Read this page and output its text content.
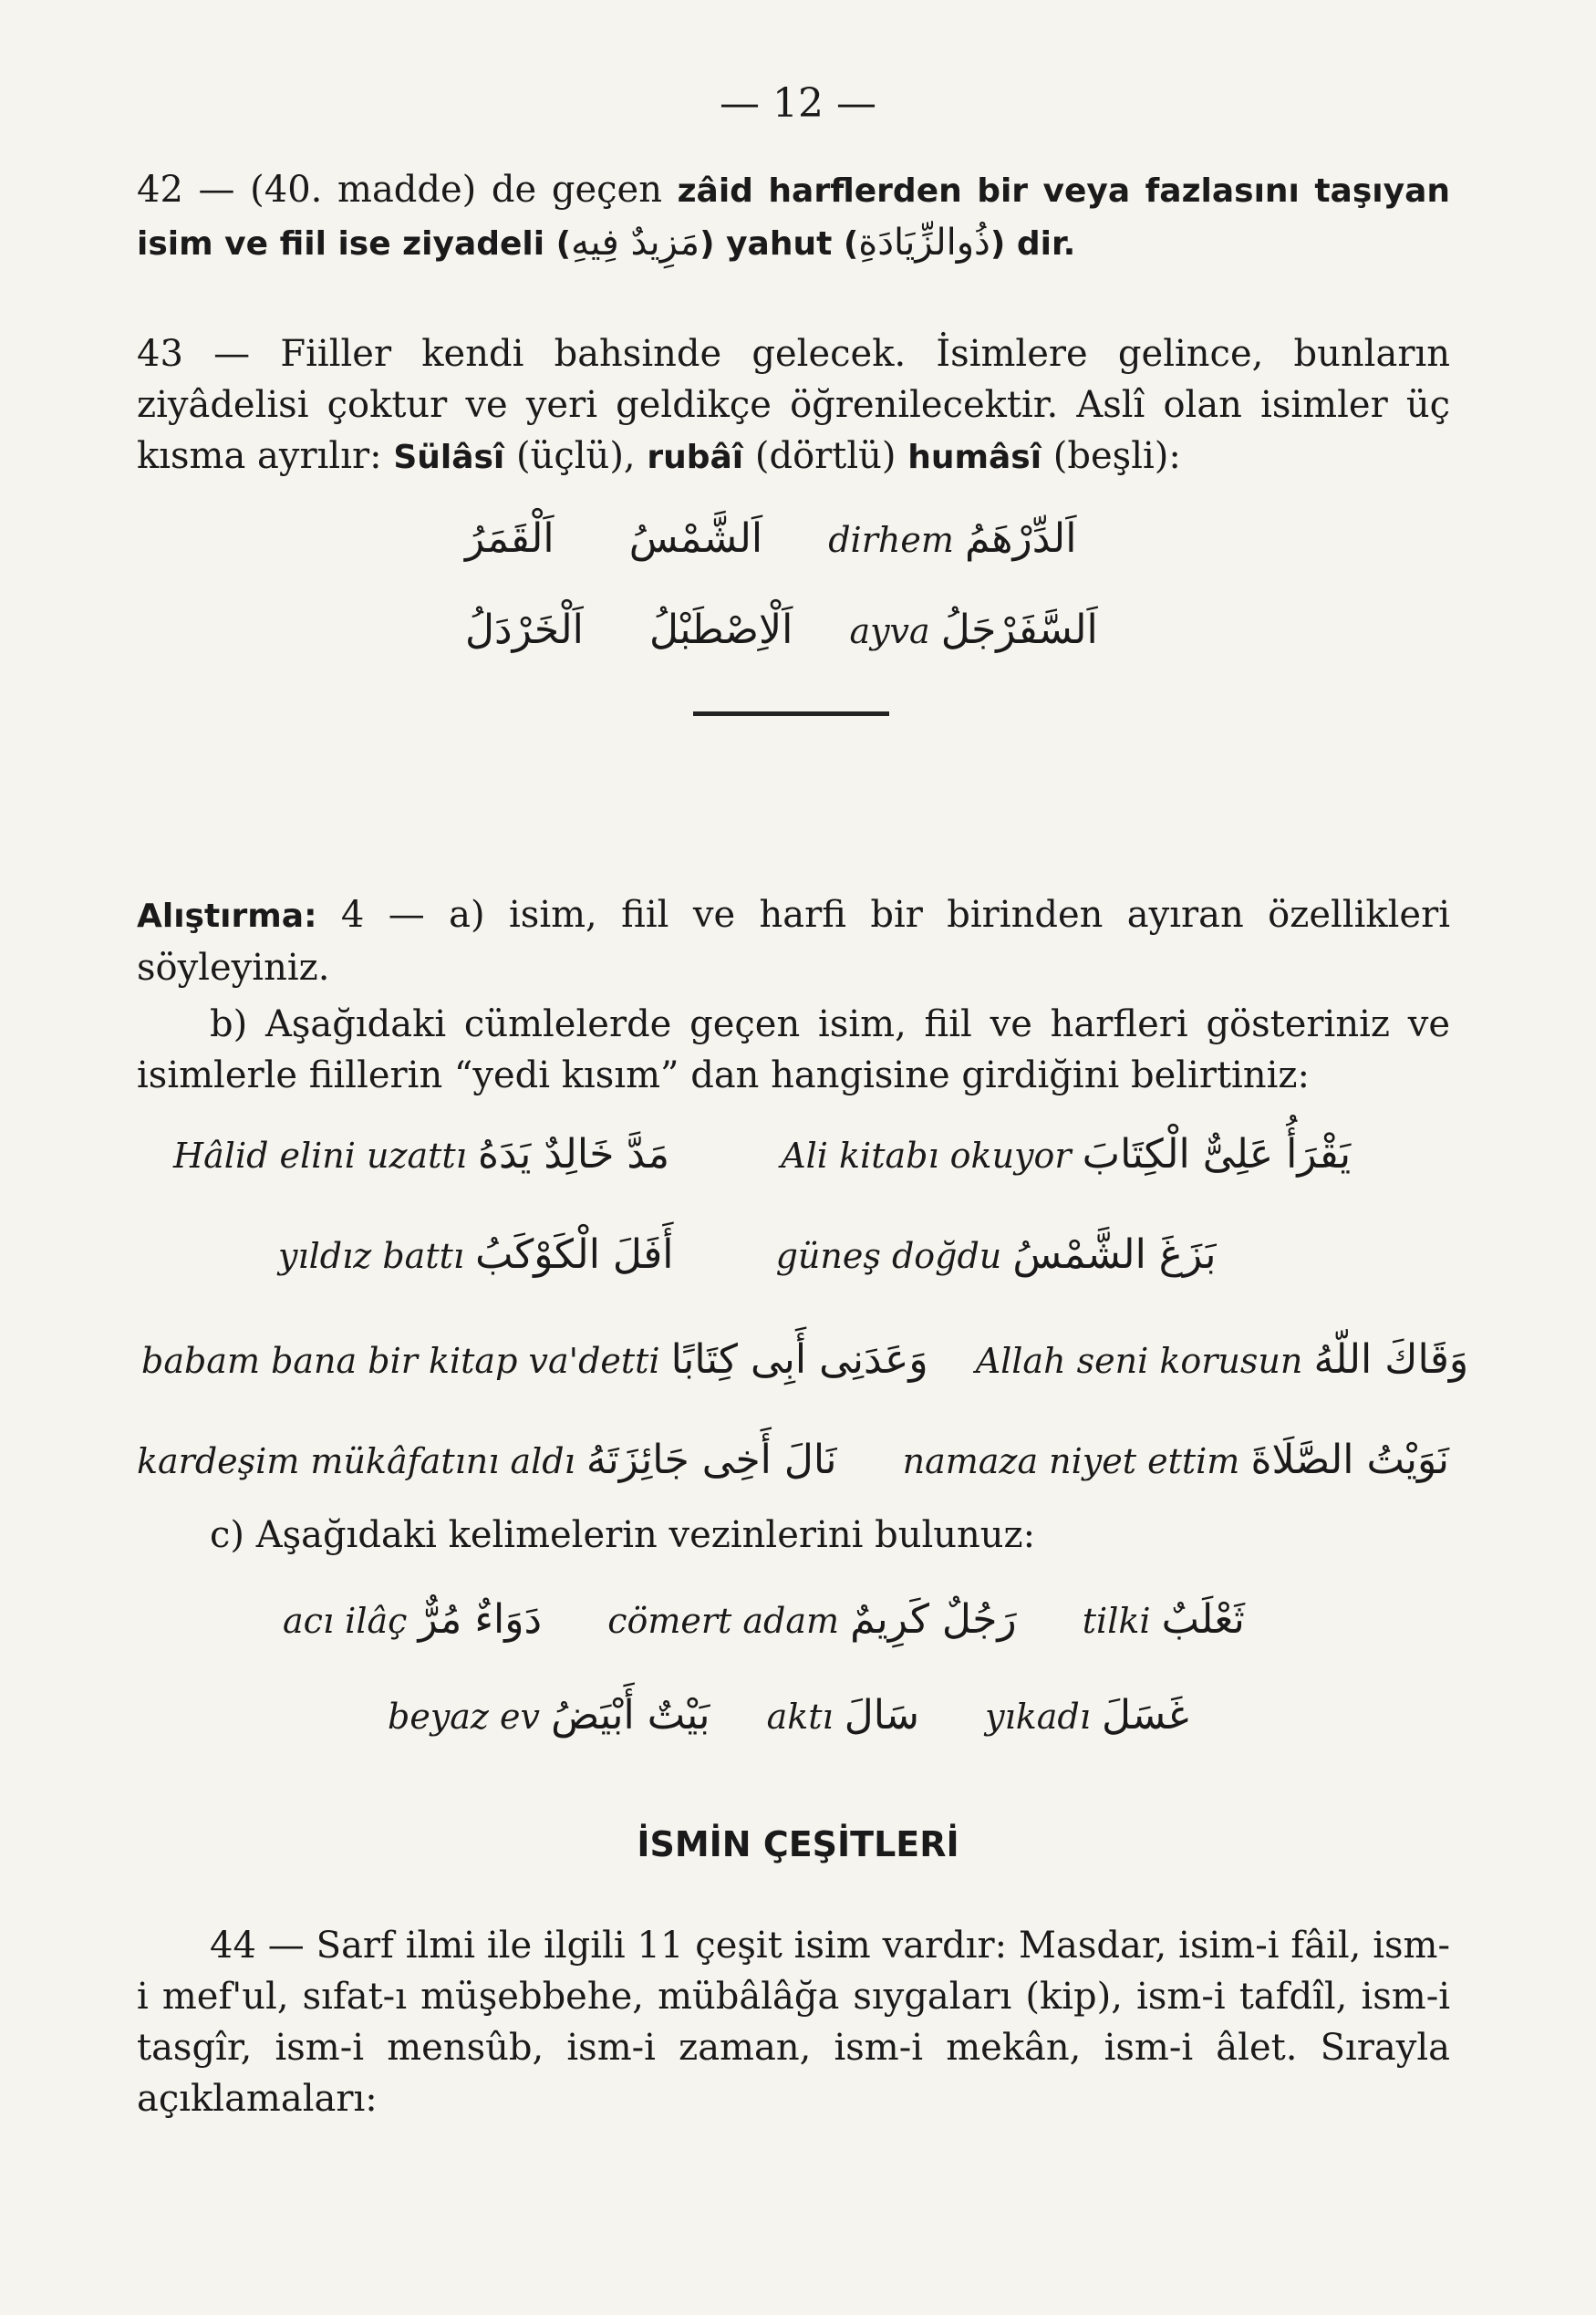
— 12 —
42 — (40. madde) de geçen zâid harflerden bir veya fazlasını taşıyan isim ve fiil ise ziyadeli (مَزِيدٌ فِيهِ) yahut (ذُوالزِّيَادَةِ) dir.
43 — Fiiller kendi bahsinde gelecek. İsimlere gelince, bunların ziyâdelisi çoktur ve yeri geldikçe öğrenilecektir. Aslî olan isimler üç kısma ayrılır: Sülâsî (üçlü), rubâî (dörtlü) humâsî (beşli):
اَلْقَمَرُ اَلشَّمْسُ dirhem اَلدِّرْهَمُ
اَلْخَرْدَلُ اَلْاِصْطَبْلُ ayva اَلسَّفَرْجَلُ
Alıştırma: 4 — a) isim, fiil ve harfi bir birinden ayıran özellikleri söyleyiniz.
b) Aşağıdaki cümlelerde geçen isim, fiil ve harfleri gösteriniz ve isimlerle fiillerin “yedi kısım” dan hangisine girdiğini belirtiniz:
Hâlid elini uzattı مَدَّ خَالِدٌ يَدَهُ	Ali kitabı okuyor يَقْرَأُ عَلِىٌّ الْكِتَابَ
yıldız battı أَفَلَ الْكَوْكَبُ	güneş doğdu بَزَغَ الشَّمْسُ
babam bana bir kitap va'detti وَعَدَنِى أَبِى كِتَابًا Allah seni korusun وَقَاكَ اللّهُ
kardeşim mükâfatını aldı نَالَ أَخِى جَائِزَتَهُ namaza niyet ettim نَوَيْتُ الصَّلَاةَ
c) Aşağıdaki kelimelerin vezinlerini bulunuz:
acı ilâç دَوَاءٌ مُرٌّ cömert adam رَجُلٌ كَرِيمٌ tilki ثَعْلَبٌ
beyaz ev بَيْتٌ أَبْيَضُ aktı سَالَ yıkadı غَسَلَ
İSMİN ÇEŞİTLERİ
44 — Sarf ilmi ile ilgili 11 çeşit isim vardır: Masdar, isim-i fâil, ism-i mef'ul, sıfat-ı müşebbehe, mübâlâğa sıygaları (kip), ism-i tafdîl, ism-i tasgîr, ism-i mensûb, ism-i zaman, ism-i mekân, ism-i âlet. Sırayla açıklamaları:
